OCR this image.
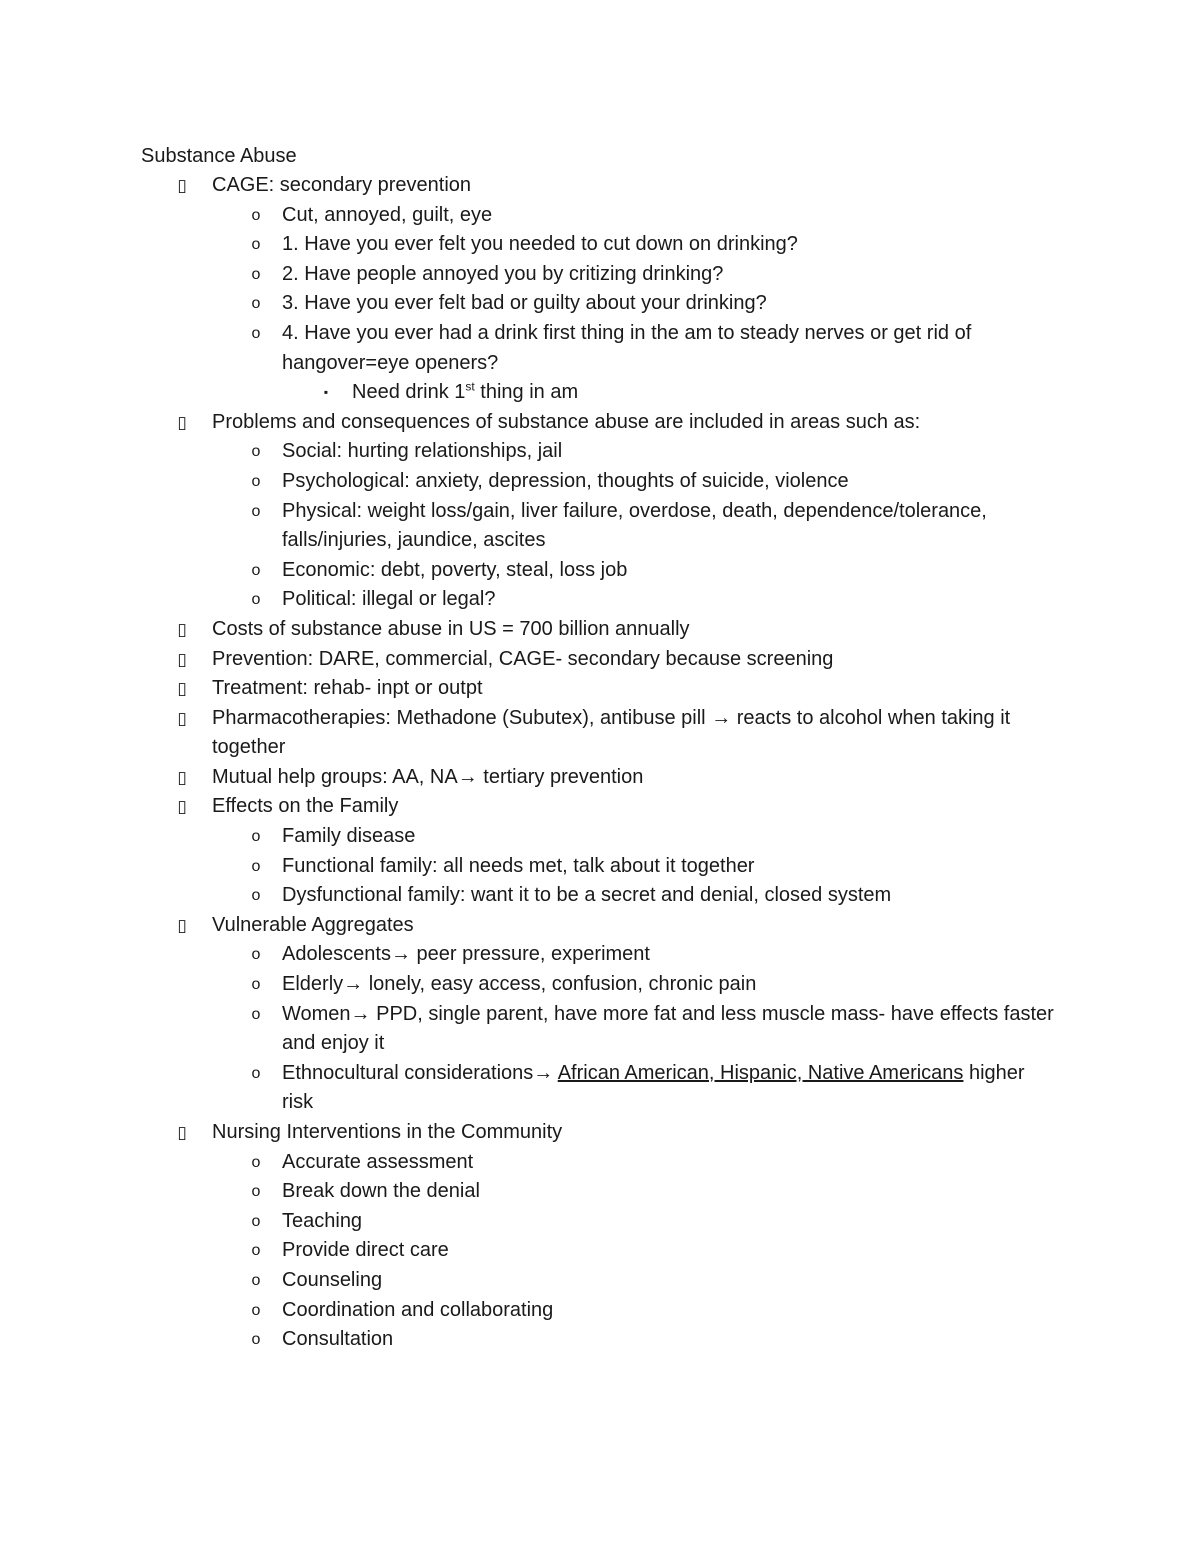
Substance Abuse
▯ CAGE: secondary prevention
o Cut, annoyed, guilt, eye
o 1. Have you ever felt you needed to cut down on drinking?
o 2. Have people annoyed you by critizing drinking?
o 3. Have you ever felt bad or guilty about your drinking?
o 4. Have you ever had a drink first thing in the am to steady nerves or get rid of hangover=eye openers?
▪ Need drink 1st thing in am
▯ Problems and consequences of substance abuse are included in areas such as:
o Social: hurting relationships, jail
o Psychological: anxiety, depression, thoughts of suicide, violence
o Physical: weight loss/gain, liver failure, overdose, death, dependence/tolerance, falls/injuries, jaundice, ascites
o Economic: debt, poverty, steal, loss job
o Political: illegal or legal?
▯ Costs of substance abuse in US = 700 billion annually
▯ Prevention: DARE, commercial, CAGE- secondary because screening
▯ Treatment: rehab- inpt or outpt
▯ Pharmacotherapies: Methadone (Subutex), antibuse pill → reacts to alcohol when taking it together
▯ Mutual help groups: AA, NA→ tertiary prevention
▯ Effects on the Family
o Family disease
o Functional family: all needs met, talk about it together
o Dysfunctional family: want it to be a secret and denial, closed system
▯ Vulnerable Aggregates
o Adolescents→ peer pressure, experiment
o Elderly→ lonely, easy access, confusion, chronic pain
o Women→ PPD, single parent, have more fat and less muscle mass- have effects faster and enjoy it
o Ethnocultural considerations→ African American, Hispanic, Native Americans higher risk
▯ Nursing Interventions in the Community
o Accurate assessment
o Break down the denial
o Teaching
o Provide direct care
o Counseling
o Coordination and collaborating
o Consultation
